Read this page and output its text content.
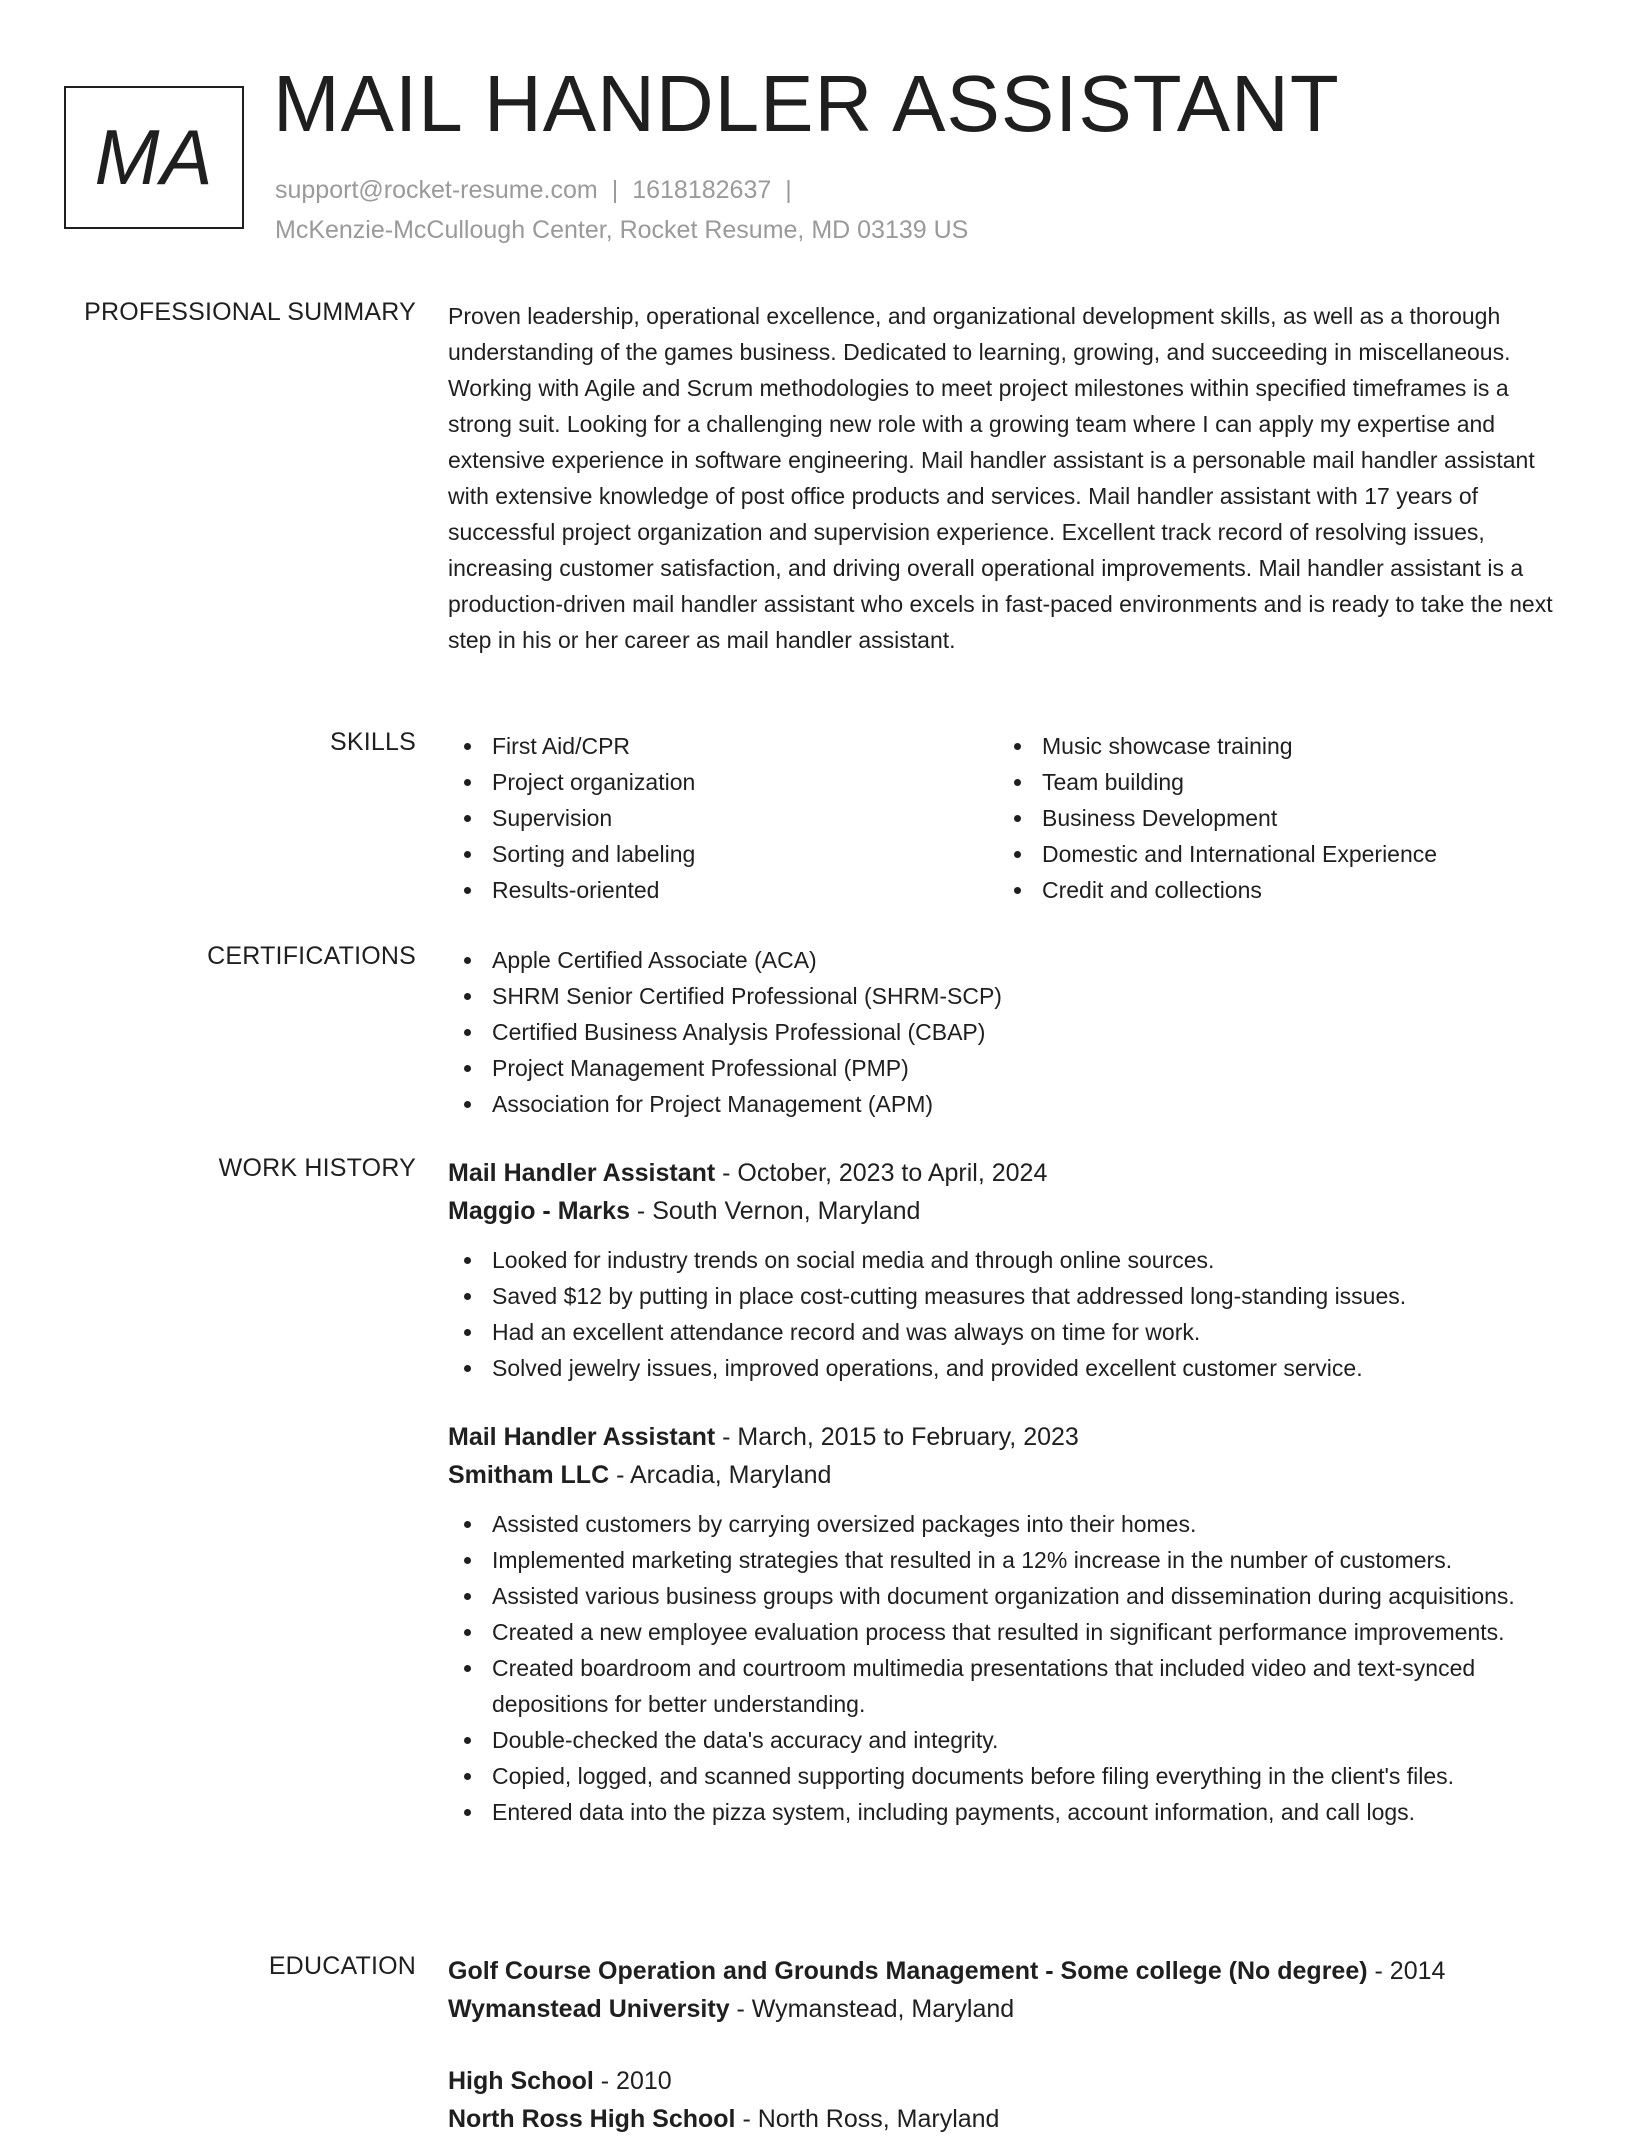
MA
MAIL HANDLER ASSISTANT
support@rocket-resume.com | 1618182637 |
McKenzie-McCullough Center, Rocket Resume, MD 03139 US
PROFESSIONAL SUMMARY Proven leadership, operational excellence, and organizational development skills, as well as a thorough understanding of the games business. Dedicated to learning, growing, and succeeding in miscellaneous. Working with Agile and Scrum methodologies to meet project milestones within specified timeframes is a strong suit. Looking for a challenging new role with a growing team where I can apply my expertise and extensive experience in software engineering. Mail handler assistant is a personable mail handler assistant with extensive knowledge of post office products and services. Mail handler assistant with 17 years of successful project organization and supervision experience. Excellent track record of resolving issues, increasing customer satisfaction, and driving overall operational improvements. Mail handler assistant is a production-driven mail handler assistant who excels in fast-paced environments and is ready to take the next step in his or her career as mail handler assistant.
SKILLS	First Aid/CPR
Project organization
Supervision
Sorting and labeling
Results-oriented
Music showcase training
Team building
Business Development
Domestic and International Experience
Credit and collections
CERTIFICATIONS	Apple Certified Associate (ACA)
SHRM Senior Certified Professional (SHRM-SCP)
Certified Business Analysis Professional (CBAP)
Project Management Professional (PMP)
Association for Project Management (APM)
WORK HISTORY Mail Handler Assistant - October, 2023 to April, 2024
Maggio - Marks - South Vernon, Maryland
Looked for industry trends on social media and through online sources.
Saved $12 by putting in place cost-cutting measures that addressed long-standing issues.
Had an excellent attendance record and was always on time for work.
Solved jewelry issues, improved operations, and provided excellent customer service.
Mail Handler Assistant - March, 2015 to February, 2023
Smitham LLC - Arcadia, Maryland
Assisted customers by carrying oversized packages into their homes.
Implemented marketing strategies that resulted in a 12% increase in the number of customers.
Assisted various business groups with document organization and dissemination during acquisitions.
Created a new employee evaluation process that resulted in significant performance improvements.
Created boardroom and courtroom multimedia presentations that included video and text-synced depositions for better understanding.
Double-checked the data's accuracy and integrity.
Copied, logged, and scanned supporting documents before filing everything in the client's files.
Entered data into the pizza system, including payments, account information, and call logs.
EDUCATION Golf Course Operation and Grounds Management - Some college (No degree) - 2014
Wymanstead University - Wymanstead, Maryland
High School - 2010
North Ross High School - North Ross, Maryland
